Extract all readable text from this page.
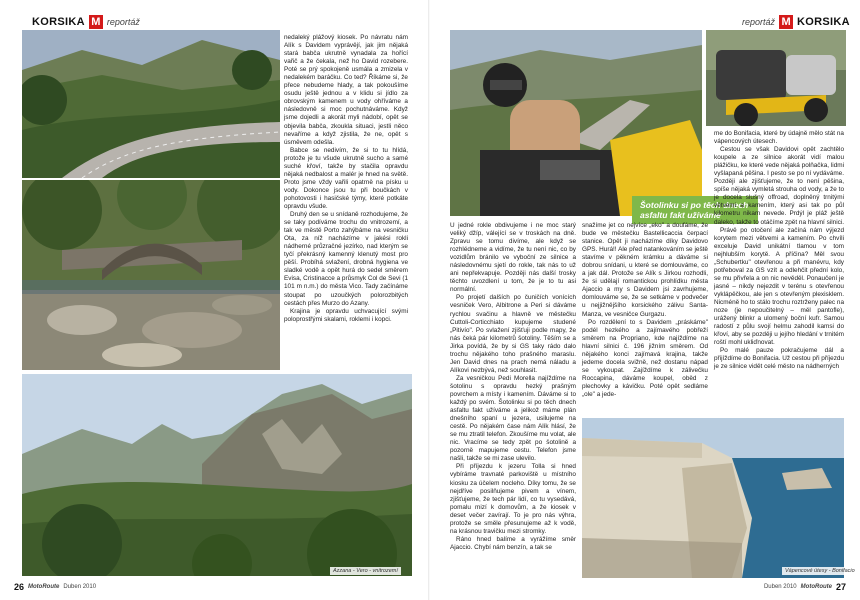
KORSIKA M reportáž

nedaleký plážový kiosek. Po návratu nám Alík s Davidem vyprávějí, jak jim nějaká stará babča ukrutně vynadala za hořící vařič a že čekala, než ho David rozebere. Poté se prý spokojeně usmála a zmizela v nedalekém baráčku. Co ted? Říkáme si, že přece nebudeme hlady, a tak pokoušíme osudu ještě jednou a v klidu si jídlo za obrovským kamenem u vody ohříváme a následovně si moc pochutnáváme. Když jsme dojedli a akorát myli nádobí, opět se objevila babča, zkoukla situaci, jestli něco nevaříme a když zjistila, že ne, opět s úsměvem odešla.

Babce se nedivím, že si to tu hlídá, protože je tu všude ukrutně sucho a samé suché křoví, takže by stačila opravdu nějaká nedbalost a malér je hned na světě. Proto jsme vždy vařili opatrně na písku u vody. Dokonce jsou tu při boučkách v pohotovosti i hasičské týmy, které potkáte opravdu všude.

Druhý den se u snídaně rozhodujeme, že se taky podíváme trochu do vnitrozemí, a tak ve městě Porto zahýbáme na vesničku Ota, za níž nacházíme v jakési rokli nádherné průzračné jezírko, nad kterým se tyčí překrásný kamenný klenutý most pro pěší. Probíhá svlažení, drobná hygiena ve sladké vodě a opět hurá do sedel směrem Evisa, Cristinacce a průsmyk Col de Sevi (1 101 m n.m.) do města Vico. Tady začínáme stoupat po uzoučkých polorozbitých cestách přes Murzo do Azany.

Krajina je opravdu uchvacující svými poloprostřými skalami, roklemi i kopci.

Azzana - Vero - vnitrozemí
26 MotoRoute Duben 2010
reportáž M KORSIKA
Šotolinku si po těch dnech asfaltu fakt užíváme

U jedné rokle obdivujeme i ne moc starý veliký džíp, válející se v troskách na dně. Zpravu se tomu divíme, ale když se rozhlédneme a vidíme, že tu není nic, co by vozidlům bránilo ve vyboční ze silnice a následovnému sjetí do rokle, tak nás to už ani nepřekvapuje. Později nás další trosky těchto uvozdlení u tom, že je to tu asi normální.

Po projetí dalších po čuničích vonících vesniček Vero, Albitrone a Peri si dáváme rychlou svačinu a hlavně ve městečku Cuttoli-Corticchiato kupujeme studené „Pitivío". Po svlažení zjišťuji podle mapy, že nás čeká pár kilometrů šotoliny. Těším se a Jirka povídá, že by si GS taky rádo dalo trochu nějakého toho prašného maraslu. Jen David dnes na prach nemá náladu a Alíkovi nezbývá, než souhlasit.

Za vesničkou Pedi Morella najíždíme na šotolinu s opravdu hezký prašným povrchem a místy i kamením. Dáváme si to každý po svém. Šotolinku si po těch dnech asfaltu fakt užíváme a jelikož máme plán dnešního spaní u jezera, usilujeme na cestě. Po nějakém čase nám Alík hlásí, že se mu ztratil telefon. Zkoušíme mu volat, ale nic. Vracíme se tedy zpět po šotolině a pozorně mapujeme cestu. Telefon jsme našli, takže se mi zase ulevilo.

Při příjezdu k jezeru Tolla si hned vybíráme travnaté parkoviště u místního kiosku za účelem nocleho. Díky tomu, že se nejdříve posilňujeme pivem a vínem, zjišťujeme, že tech pár lidí, co tu vysedává, pomalu mizí k domovům, a že kiosek v deset večer zavírají. To je pro nás výhra, protože se směle přesunujeme až k vodě, na krásnou travičku mezi stromky.

Ráno hned balíme a vyrážíme směr Ajaccio. Chybí nám benzín, a tak se

snažíme jet co nejvíce „eko" a doufáme, že bude ve městečku Bastellicaccia čerpací stanice. Opět ji nacházíme díky Davidovo GPS. Hurá!! Ale před natankováním se ještě stavíme v pěkném krámku a dáváme si dobrou snídani, u které se domlouváme, co a jak dál. Protože se Alík s Jirkou rozhodli, že si udělají romantickou prohlídku města Ajaccio a my s Davidem jsi zavrhujeme, domlouváme se, že se setkáme v podvečer u nejjižnějšího korsického zálivu Santa-Manza, ve vesničce Gurgazu.

Po rozdělení to s Davidem „práskáme" podél hezkého a zajímavého pobřeží směrem na Propriano, kde najíždíme na hlavní silnici č. 196 jižním směrem. Od nějakého konci zajímavá krajina, takže jedeme docela svižně, než dostanu nápad se vykoupat. Zajíždíme k zálivečku Roccapina, dáváme koupel, oběd z plechovky a kávičku. Poté opět sedláme „ole" a jede-

me do Bonifacia, které by údajně mělo stát na vápencových útesech.

Cestou se však Davidovi opět zachtělo koupele a ze silnice akorát vidí malou plážičku, ke které vede nějaká polňačka, lidmi vyšlapaná pěšina. I pesto se po ní vydáváme. Později ale zjišťujeme, že to není pěšina, spíše nějaká vymletá strouha od vody, a že to je docela slušný offroad, doplněný trnitými větvemi a kamením, který asi tak po půl kilometru nikam nevede. Prdýl je pláž ještě daleko, takže to otáčíme zpět na hlavní silnici.

Právě po otočení ale začíná nám výjezd korytem mezi větvemi a kamením. Po chvíli exceluje David unikátní tlamou v tom nejhlubším korytě. A příčina? Měl svou „Schubertku" otevřenou a při manévru, kdy potřeboval za GS vzít a odlehčit přední kolo, se mu přivřela a on nic nevěděl. Ponaučení je jasné – nikdy nejezdit v terénu s otevřenou vyklápěčkou, ale jen s otevřeným plexisklem. Nicméně ho to stálo trochu roztrženy palec na noze (je nepoučitelný – měl pantofle), urážený blinkr a ulomený boční kufr. Samou radostí z půlu svojí helmu zahodil kamsi do křoví, aby se později u jejího hledání v trnitém roští mohl ukliďnovat.

Po malé pauze pokračujeme dál a přijíždíme do Bonifacia. Už cestou při příjezdu je ze silnice vidět celé město na nádherných

Vápencové útesy - Bonifacio
Duben 2010 MotoRoute 27
